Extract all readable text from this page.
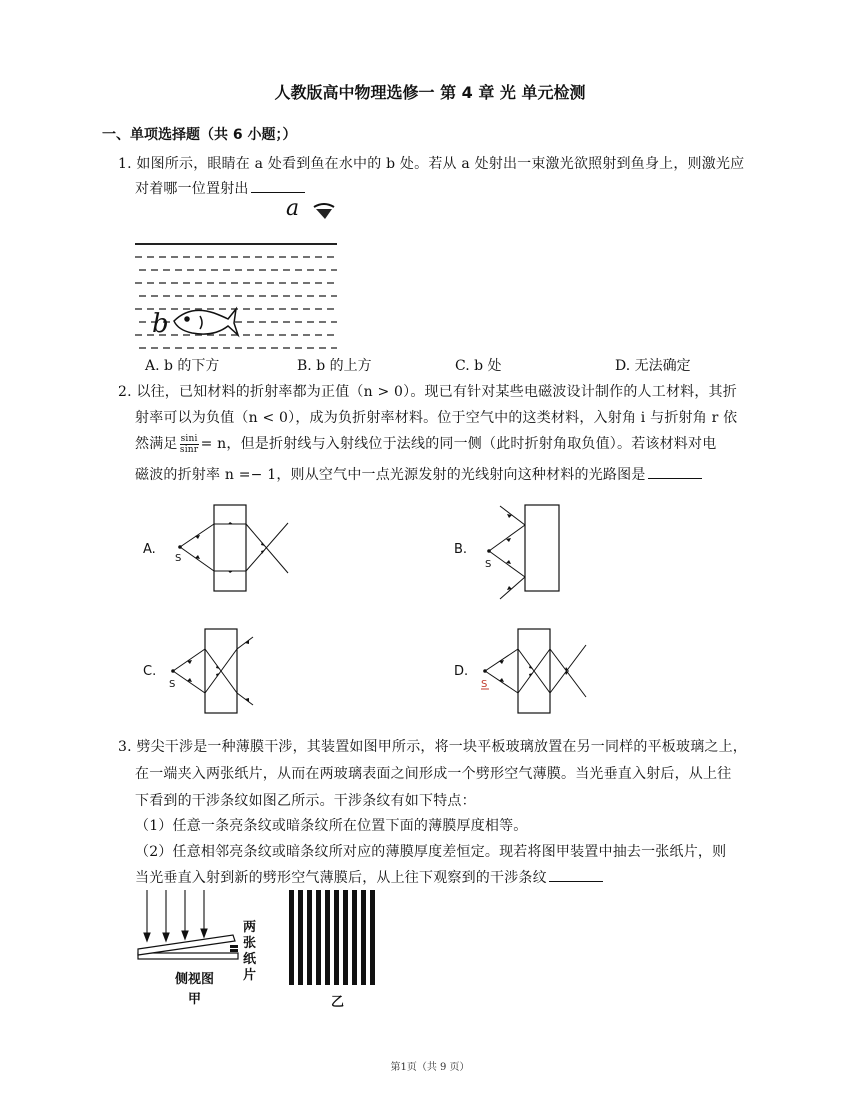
人教版高中物理选修一 第 4 章 光 单元检测
一、单项选择题（共 6 小题；）
1. 如图所示，眼睛在 a 处看到鱼在水中的 b 处。若从 a 处射出一束激光欲照射到鱼身上，则激光应
对着哪一位置射出
a
b
A. b 的下方	B. b 的上方	C. b 处	D. 无法确定
2. 以往，已知材料的折射率都为正值（n > 0）。现已有针对某些电磁波设计制作的人工材料，其折
射率可以为负值（n < 0），成为负折射率材料。位于空气中的这类材料，入射角 i 与折射角 r 依
然满足 $\frac{\sin i}{\sin r} = n$，但是折射线与入射线位于法线的同一侧（此时折射角取负值）。若该材料对电
磁波的折射率 n =− 1，则从空气中一点光源发射的光线射向这种材料的光路图是
A.
S
B.
S
C.
S
D.
S
3. 劈尖干涉是一种薄膜干涉，其装置如图甲所示，将一块平板玻璃放置在另一同样的平板玻璃之上，
在一端夹入两张纸片，从而在两玻璃表面之间形成一个劈形空气薄膜。当光垂直入射后，从上往
下看到的干涉条纹如图乙所示。干涉条纹有如下特点：
（1）任意一条亮条纹或暗条纹所在位置下面的薄膜厚度相等。
（2）任意相邻亮条纹或暗条纹所对应的薄膜厚度差恒定。现若将图甲装置中抽去一张纸片，则
当光垂直入射到新的劈形空气薄膜后，从上往下观察到的干涉条纹
两
张
纸
片
侧视图
甲	乙
第1页（共 9 页）
